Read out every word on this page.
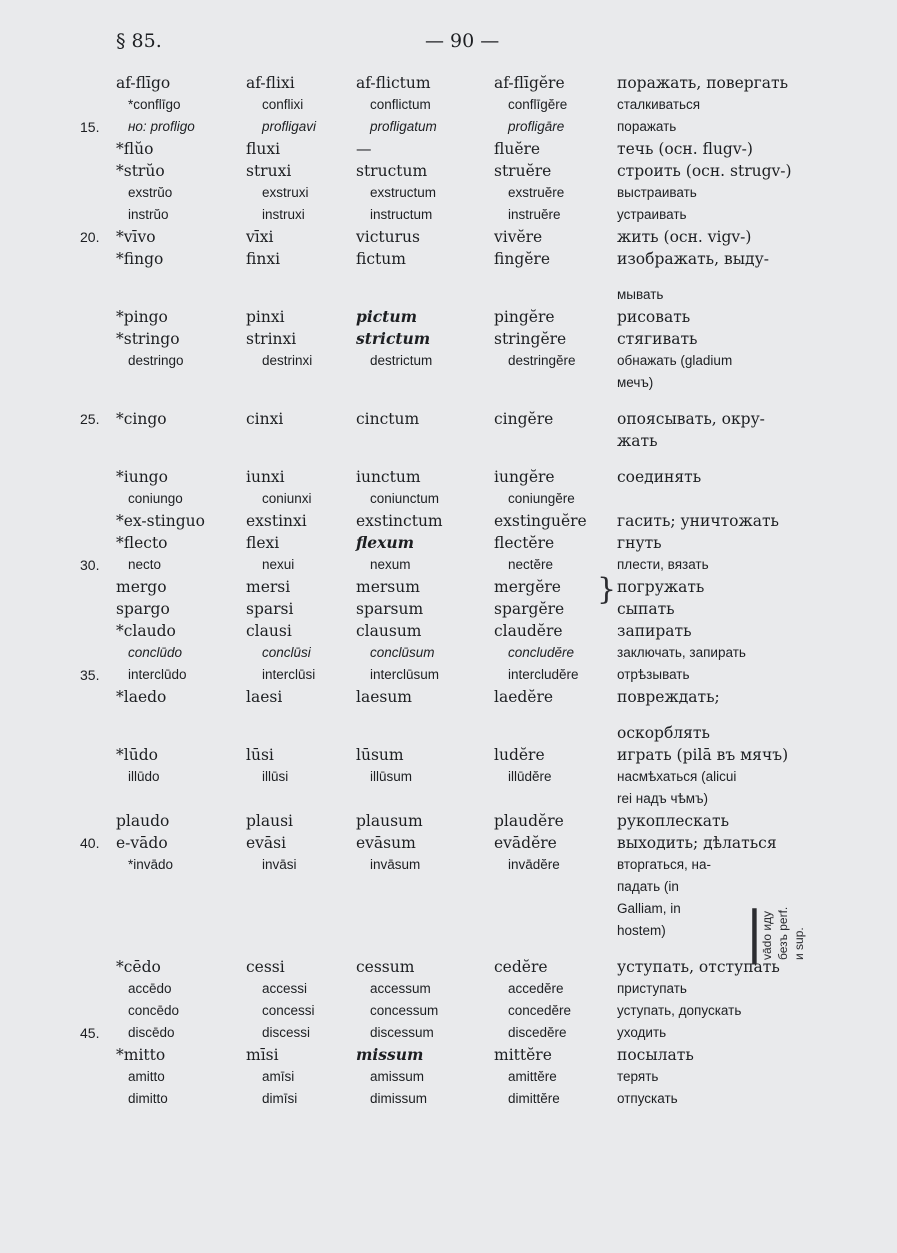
§ 85.	— 90 —
af-flīgo	af-flixi	af-flictum	af-flīgĕre	поражать, повергать
*conflīgo	conflixi	conflictum	conflīgĕre	сталкиваться
15. но: profligo	profligavi	profligatum	profligāre	поражать
*flŭo	fluxi	—	fluĕre	течь (осн. flugv-)
*strŭo	struxi	structum	struĕre	строить (осн. strugv-)
exstrŭo	exstruxi	exstructum	exstruĕre	выстраивать
instrŭo	instruxi	instructum	instruĕre	устраивать
20. *vīvo	vīxi	victurus	vivĕre	жить (осн. vigv-)
*fingo	finxi	fictum	fingĕre	изображать, выду-
мывать
*pingo	pinxi	pictum	pingĕre	рисовать
*stringo	strinxi	strictum	stringĕre	стягивать
destringo	destrinxi	destrictum	destringĕre	обнажать (gladium
мечъ)
25. *cingo	cinxi	cinctum	cingĕre	опоясывать, окру-
жать
*iungo	iunxi	iunctum	iungĕre	соединять
coniungo	coniunxi	coniunctum	coniungĕre
*ex-stinguo	exstinxi	exstinctum	exstinguĕre гасить; уничтожать
*flecto	flexi	flexum	flectĕre	гнуть
30. necto	nexui	nexum	nectĕre	плести, вязать
mergo	mersi	mersum	mergĕre	погружать
spargo	sparsi	sparsum	spargĕre	сыпать
*claudo	clausi	clausum	claudĕre	запирать
conclūdo	conclūsi	conclūsum	concludĕre	заключать, запирать
35. interclūdo	interclūsi	interclūsum	intercludĕre	отрѣзывать
*laedo	laesi	laesum	laedĕre	повреждать;
оскорблять
*lūdo	lūsi	lūsum	ludĕre	играть (pilā въ мячъ)
illūdo	illūsi	illūsum	illūdĕre	насмѣхаться (alicui
rei надъ чѣмъ)
plaudo	plausi	plausum	plaudĕre	рукоплескать
40. e-vādo	evāsi	evāsum	evādĕre	выходить; дѣлаться
*invādo	invāsi	invāsum	invādĕre	вторгаться, на-
падать (in
Galliam, in
hostem)
*cēdo	cessi	cessum	cedĕre	уступать, отступать
accēdo	accessi	accessum	accedĕre	приступать
concēdo	concessi	concessum	concedĕre	уступать, допускать
45. discēdo	discessi	discessum	discedĕre	уходить
*mitto	mīsi	missum	mittĕre	посылать
amitto	amīsi	amissum	amittĕre	терять
dimitto	dimīsi	dimissum	dimittĕre	отпускать
}
|
vādo иду безъ perf. и sup.
